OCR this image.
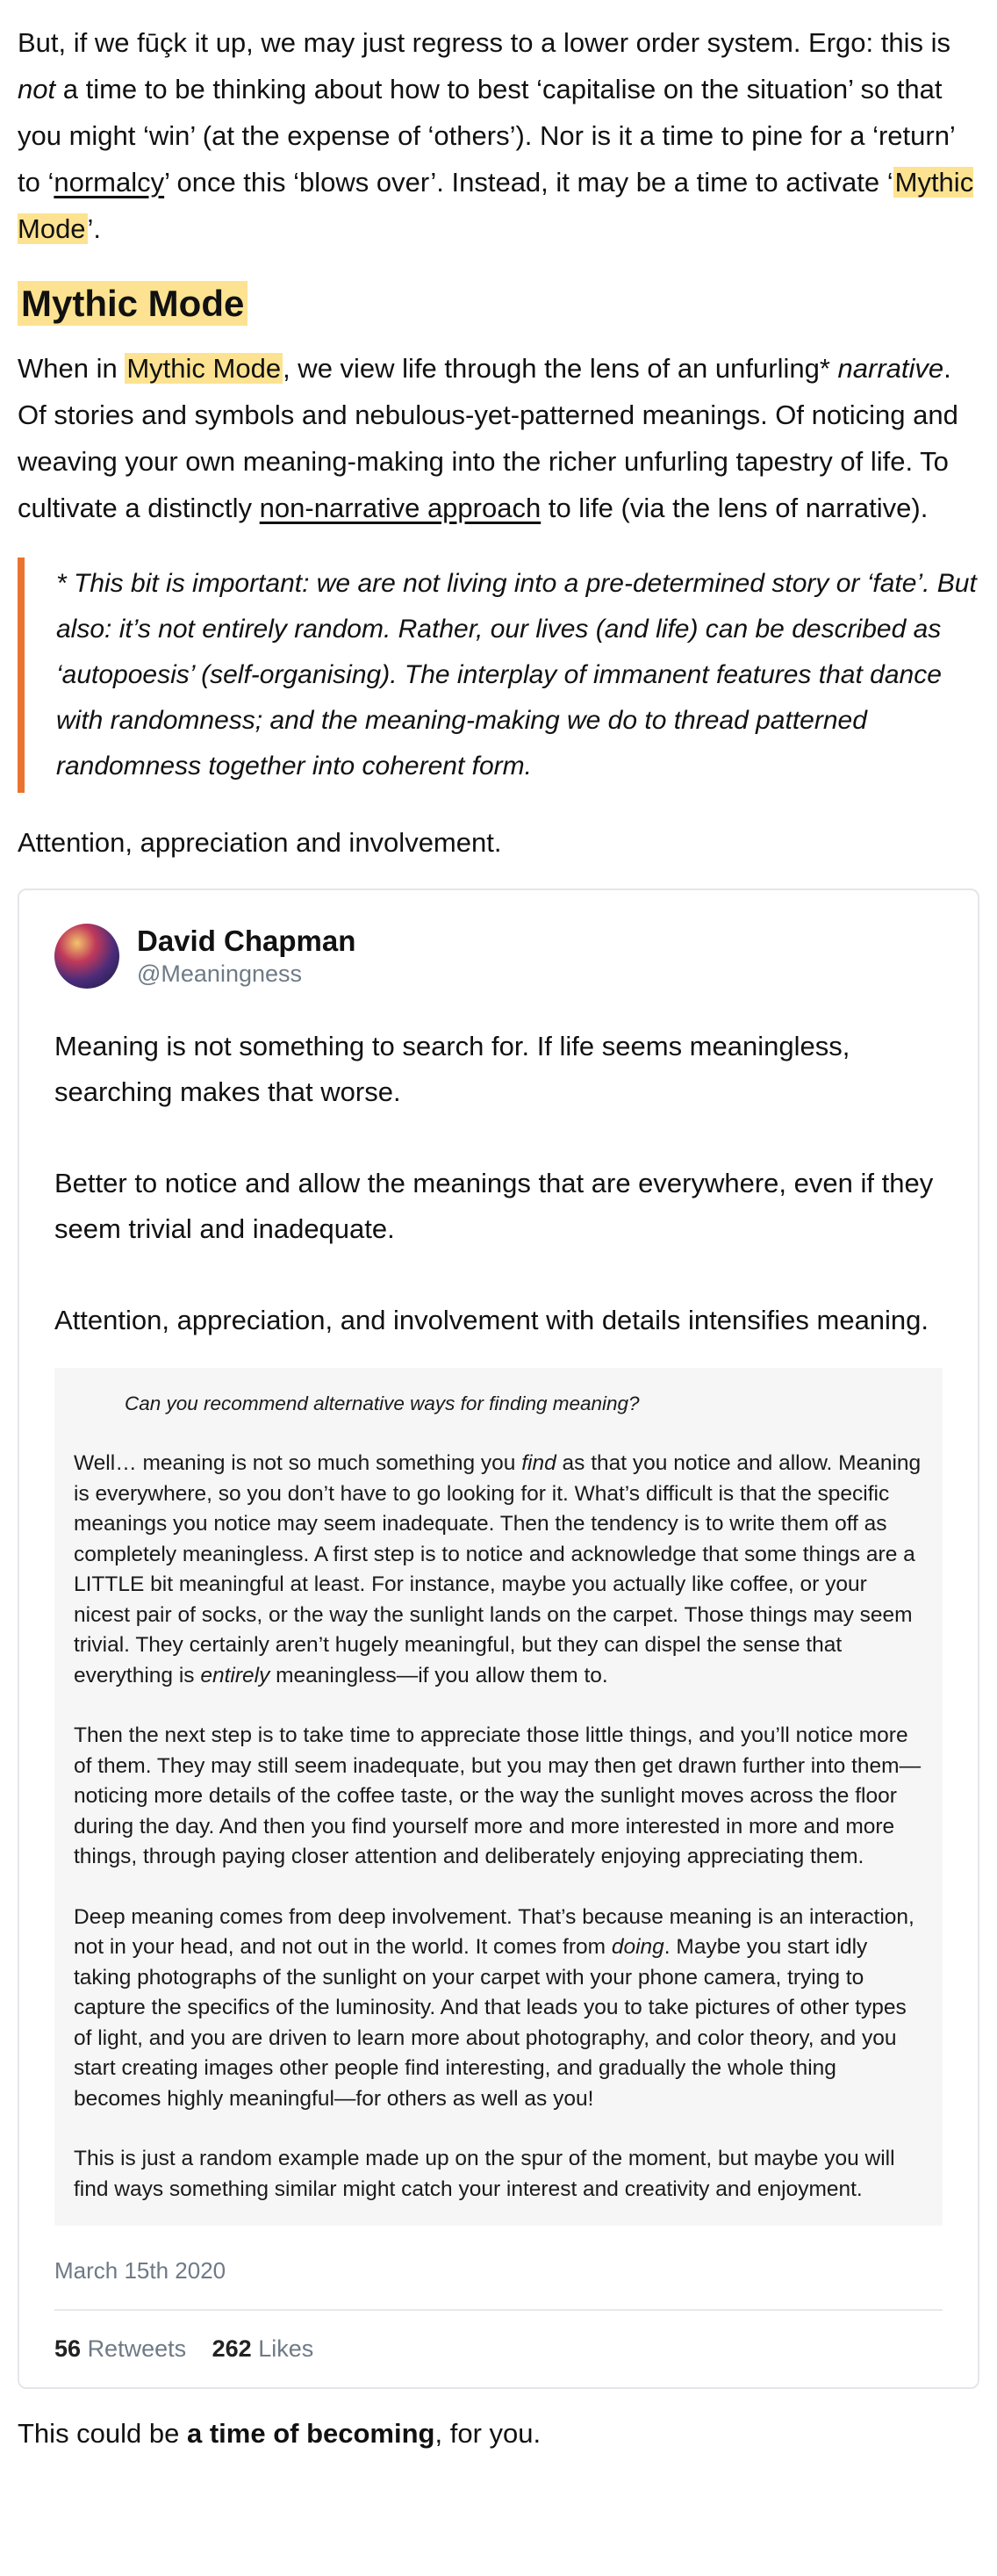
But, if we fūçk it up, we may just regress to a lower order system. Ergo: this is not a time to be thinking about how to best ‘capitalise on the situation’ so that you might ‘win’ (at the expense of ‘others’). Nor is it a time to pine for a ‘return’ to ‘normalcy’ once this ‘blows over’. Instead, it may be a time to activate ‘Mythic Mode’.

Mythic Mode

When in Mythic Mode, we view life through the lens of an unfurling* narrative. Of stories and symbols and nebulous-yet-patterned meanings. Of noticing and weaving your own meaning-making into the richer unfurling tapestry of life. To cultivate a distinctly non-narrative approach to life (via the lens of narrative).

* This bit is important: we are not living into a pre-determined story or ‘fate’. But also: it’s not entirely random. Rather, our lives (and life) can be described as ‘autopoesis’ (self-organising). The interplay of immanent features that dance with randomness; and the meaning-making we do to thread patterned randomness together into coherent form.

Attention, appreciation and involvement.

David Chapman
@Meaningness

Meaning is not something to search for. If life seems meaningless, searching makes that worse.

Better to notice and allow the meanings that are everywhere, even if they seem trivial and inadequate.

Attention, appreciation, and involvement with details intensifies meaning.

Can you recommend alternative ways for finding meaning?

Well… meaning is not so much something you find as that you notice and allow. Meaning is everywhere, so you don’t have to go looking for it. What’s difficult is that the specific meanings you notice may seem inadequate. Then the tendency is to write them off as completely meaningless. A first step is to notice and acknowledge that some things are a LITTLE bit meaningful at least. For instance, maybe you actually like coffee, or your nicest pair of socks, or the way the sunlight lands on the carpet. Those things may seem trivial. They certainly aren’t hugely meaningful, but they can dispel the sense that everything is entirely meaningless—if you allow them to.

Then the next step is to take time to appreciate those little things, and you’ll notice more of them. They may still seem inadequate, but you may then get drawn further into them—noticing more details of the coffee taste, or the way the sunlight moves across the floor during the day. And then you find yourself more and more interested in more and more things, through paying closer attention and deliberately enjoying appreciating them.

Deep meaning comes from deep involvement. That’s because meaning is an interaction, not in your head, and not out in the world. It comes from doing. Maybe you start idly taking photographs of the sunlight on your carpet with your phone camera, trying to capture the specifics of the luminosity. And that leads you to take pictures of other types of light, and you are driven to learn more about photography, and color theory, and you start creating images other people find interesting, and gradually the whole thing becomes highly meaningful—for others as well as you!

This is just a random example made up on the spur of the moment, but maybe you will find ways something similar might catch your interest and creativity and enjoyment.

March 15th 2020
56 Retweets 262 Likes

This could be a time of becoming, for you.
